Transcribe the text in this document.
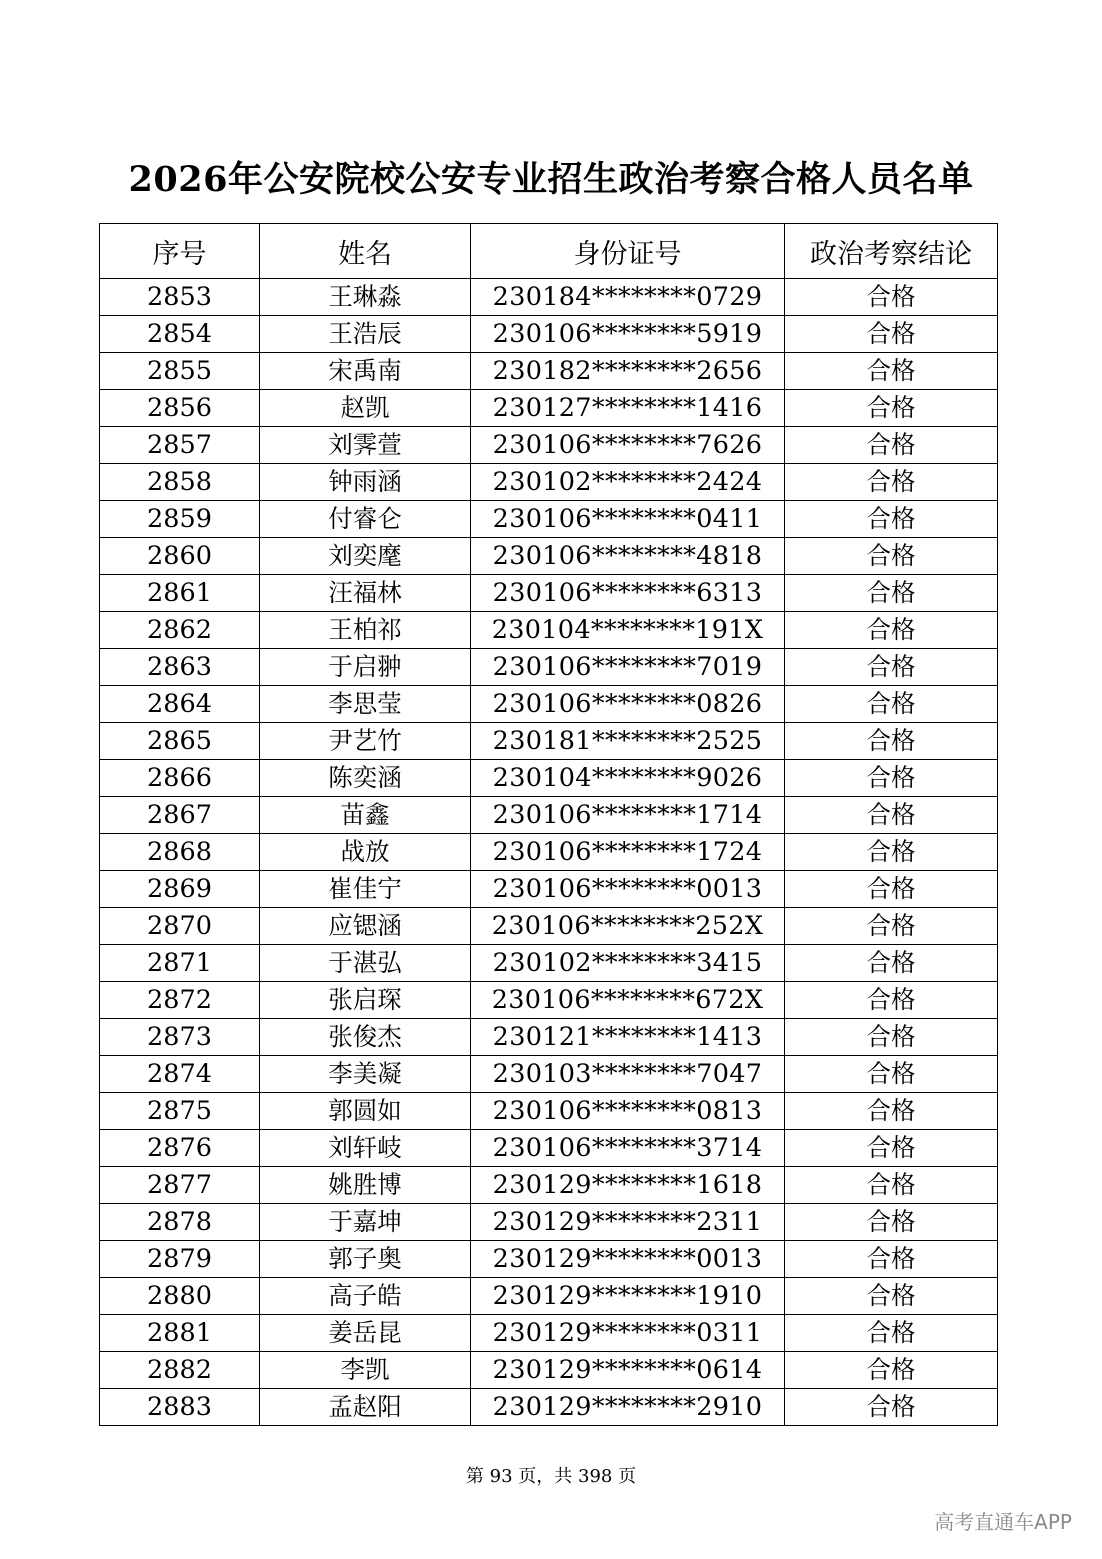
2026年公安院校公安专业招生政治考察合格人员名单
序号	姓名	身份证号	政治考察结论
2853	王琳淼	230184********0729	合格
2854	王浩辰	230106********5919	合格
2855	宋禹南	230182********2656	合格
2856	赵凯	230127********1416	合格
2857	刘霁萱	230106********7626	合格
2858	钟雨涵	230102********2424	合格
2859	付睿仑	230106********0411	合格
2860	刘奕麾	230106********4818	合格
2861	汪福林	230106********6313	合格
2862	王柏祁	230104********191X	合格
2863	于启翀	230106********7019	合格
2864	李思莹	230106********0826	合格
2865	尹艺竹	230181********2525	合格
2866	陈奕涵	230104********9026	合格
2867	苗鑫	230106********1714	合格
2868	战放	230106********1724	合格
2869	崔佳宁	230106********0013	合格
2870	应锶涵	230106********252X	合格
2871	于湛弘	230102********3415	合格
2872	张启琛	230106********672X	合格
2873	张俊杰	230121********1413	合格
2874	李美凝	230103********7047	合格
2875	郭圆如	230106********0813	合格
2876	刘轩岐	230106********3714	合格
2877	姚胜博	230129********1618	合格
2878	于嘉坤	230129********2311	合格
2879	郭子奥	230129********0013	合格
2880	高子皓	230129********1910	合格
2881	姜岳昆	230129********0311	合格
2882	李凯	230129********0614	合格
2883	孟赵阳	230129********2910	合格
第 93 页，共 398 页
高考直通车APP
